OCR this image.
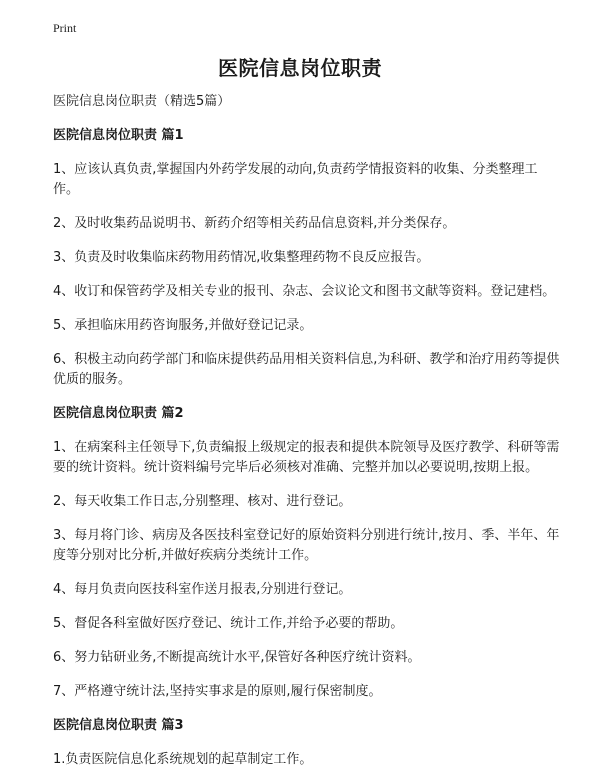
Print
医院信息岗位职责

医院信息岗位职责（精选5篇）

医院信息岗位职责 篇1

1、应该认真负责,掌握国内外药学发展的动向,负责药学情报资料的收集、分类整理工作。

2、及时收集药品说明书、新药介绍等相关药品信息资料,并分类保存。

3、负责及时收集临床药物用药情况,收集整理药物不良反应报告。

4、收订和保管药学及相关专业的报刊、杂志、会议论文和图书文献等资料。登记建档。

5、承担临床用药咨询服务,并做好登记记录。

6、积极主动向药学部门和临床提供药品用相关资料信息,为科研、教学和治疗用药等提供优质的服务。

医院信息岗位职责 篇2

1、在病案科主任领导下,负责编报上级规定的报表和提供本院领导及医疗教学、科研等需要的统计资料。统计资料编号完毕后必须核对准确、完整并加以必要说明,按期上报。

2、每天收集工作日志,分别整理、核对、进行登记。

3、每月将门诊、病房及各医技科室登记好的原始资料分别进行统计,按月、季、半年、年度等分别对比分析,并做好疾病分类统计工作。

4、每月负责向医技科室作送月报表,分别进行登记。

5、督促各科室做好医疗登记、统计工作,并给予必要的帮助。

6、努力钻研业务,不断提高统计水平,保管好各种医疗统计资料。

7、严格遵守统计法,坚持实事求是的原则,履行保密制度。

医院信息岗位职责 篇3

1.负责医院信息化系统规划的起草制定工作。
